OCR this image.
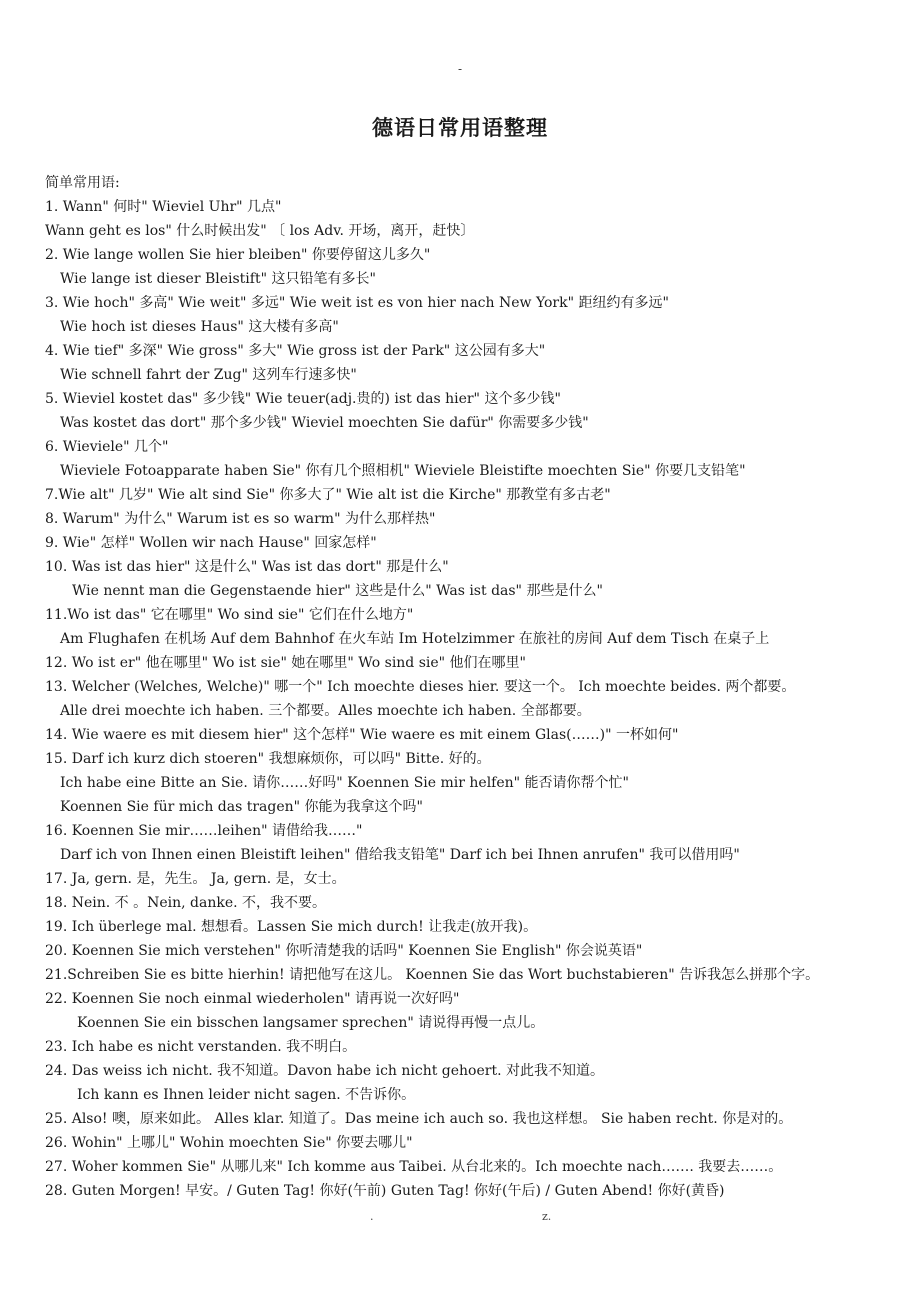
-
德语日常用语整理
简单常用语:
1. Wann" 何时" Wieviel Uhr" 几点"
Wann geht es los" 什么时候出发" 〔 los Adv. 开场，离开，赶快〕
2. Wie lange wollen Sie hier bleiben" 你要停留这儿多久"
Wie lange ist dieser Bleistift" 这只铅笔有多长"
3. Wie hoch" 多高" Wie weit" 多远" Wie weit ist es von hier nach New York" 距纽约有多远"
Wie hoch ist dieses Haus" 这大楼有多高"
4. Wie tief" 多深" Wie gross" 多大" Wie gross ist der Park" 这公园有多大"
Wie schnell fahrt der Zug" 这列车行速多快"
5. Wieviel kostet das" 多少钱" Wie teuer(adj.贵的) ist das hier" 这个多少钱"
Was kostet das dort" 那个多少钱" Wieviel moechten Sie dafür" 你需要多少钱"
6. Wieviele" 几个"
Wieviele Fotoapparate haben Sie" 你有几个照相机" Wieviele Bleistifte moechten Sie" 你要几支铅笔"
7.Wie alt" 几岁" Wie alt sind Sie" 你多大了" Wie alt ist die Kirche" 那教堂有多古老"
8. Warum" 为什么" Warum ist es so warm" 为什么那样热"
9. Wie" 怎样" Wollen wir nach Hause" 回家怎样"
10. Was ist das hier" 这是什么" Was ist das dort" 那是什么"
Wie nennt man die Gegenstaende hier" 这些是什么" Was ist das" 那些是什么"
11.Wo ist das" 它在哪里" Wo sind sie" 它们在什么地方"
Am Flughafen 在机场 Auf dem Bahnhof 在火车站 Im Hotelzimmer 在旅社的房间 Auf dem Tisch 在桌子上
12. Wo ist er" 他在哪里" Wo ist sie" 她在哪里" Wo sind sie" 他们在哪里"
13. Welcher (Welches, Welche)" 哪一个" Ich moechte dieses hier. 要这一个。 Ich moechte beides. 两个都要。
Alle drei moechte ich haben. 三个都要。Alles moechte ich haben. 全部都要。
14. Wie waere es mit diesem hier" 这个怎样" Wie waere es mit einem Glas(……)" 一杯如何"
15. Darf ich kurz dich stoeren" 我想麻烦你，可以吗" Bitte. 好的。
Ich habe eine Bitte an Sie. 请你……好吗" Koennen Sie mir helfen" 能否请你帮个忙"
Koennen Sie für mich das tragen" 你能为我拿这个吗"
16. Koennen Sie mir……leihen" 请借给我……"
Darf ich von Ihnen einen Bleistift leihen" 借给我支铅笔" Darf ich bei Ihnen anrufen" 我可以借用吗"
17. Ja, gern. 是，先生。 Ja, gern. 是，女士。
18. Nein. 不 。Nein, danke. 不，我不要。
19. Ich überlege mal. 想想看。Lassen Sie mich durch! 让我走(放开我)。
20. Koennen Sie mich verstehen" 你听清楚我的话吗" Koennen Sie English" 你会说英语"
21.Schreiben Sie es bitte hierhin! 请把他写在这儿。 Koennen Sie das Wort buchstabieren" 告诉我怎么拼那个字。
22. Koennen Sie noch einmal wiederholen" 请再说一次好吗"
Koennen Sie ein bisschen langsamer sprechen" 请说得再慢一点儿。
23. Ich habe es nicht verstanden. 我不明白。
24. Das weiss ich nicht. 我不知道。Davon habe ich nicht gehoert. 对此我不知道。
Ich kann es Ihnen leider nicht sagen. 不告诉你。
25. Also! 噢，原来如此。 Alles klar. 知道了。Das meine ich auch so. 我也这样想。 Sie haben recht. 你是对的。
26. Wohin" 上哪儿" Wohin moechten Sie" 你要去哪儿"
27. Woher kommen Sie" 从哪儿来" Ich komme aus Taibei. 从台北来的。Ich moechte nach……. 我要去……。
28. Guten Morgen! 早安。/ Guten Tag! 你好(午前) Guten Tag! 你好(午后) / Guten Abend! 你好(黄昏)
.	z.
